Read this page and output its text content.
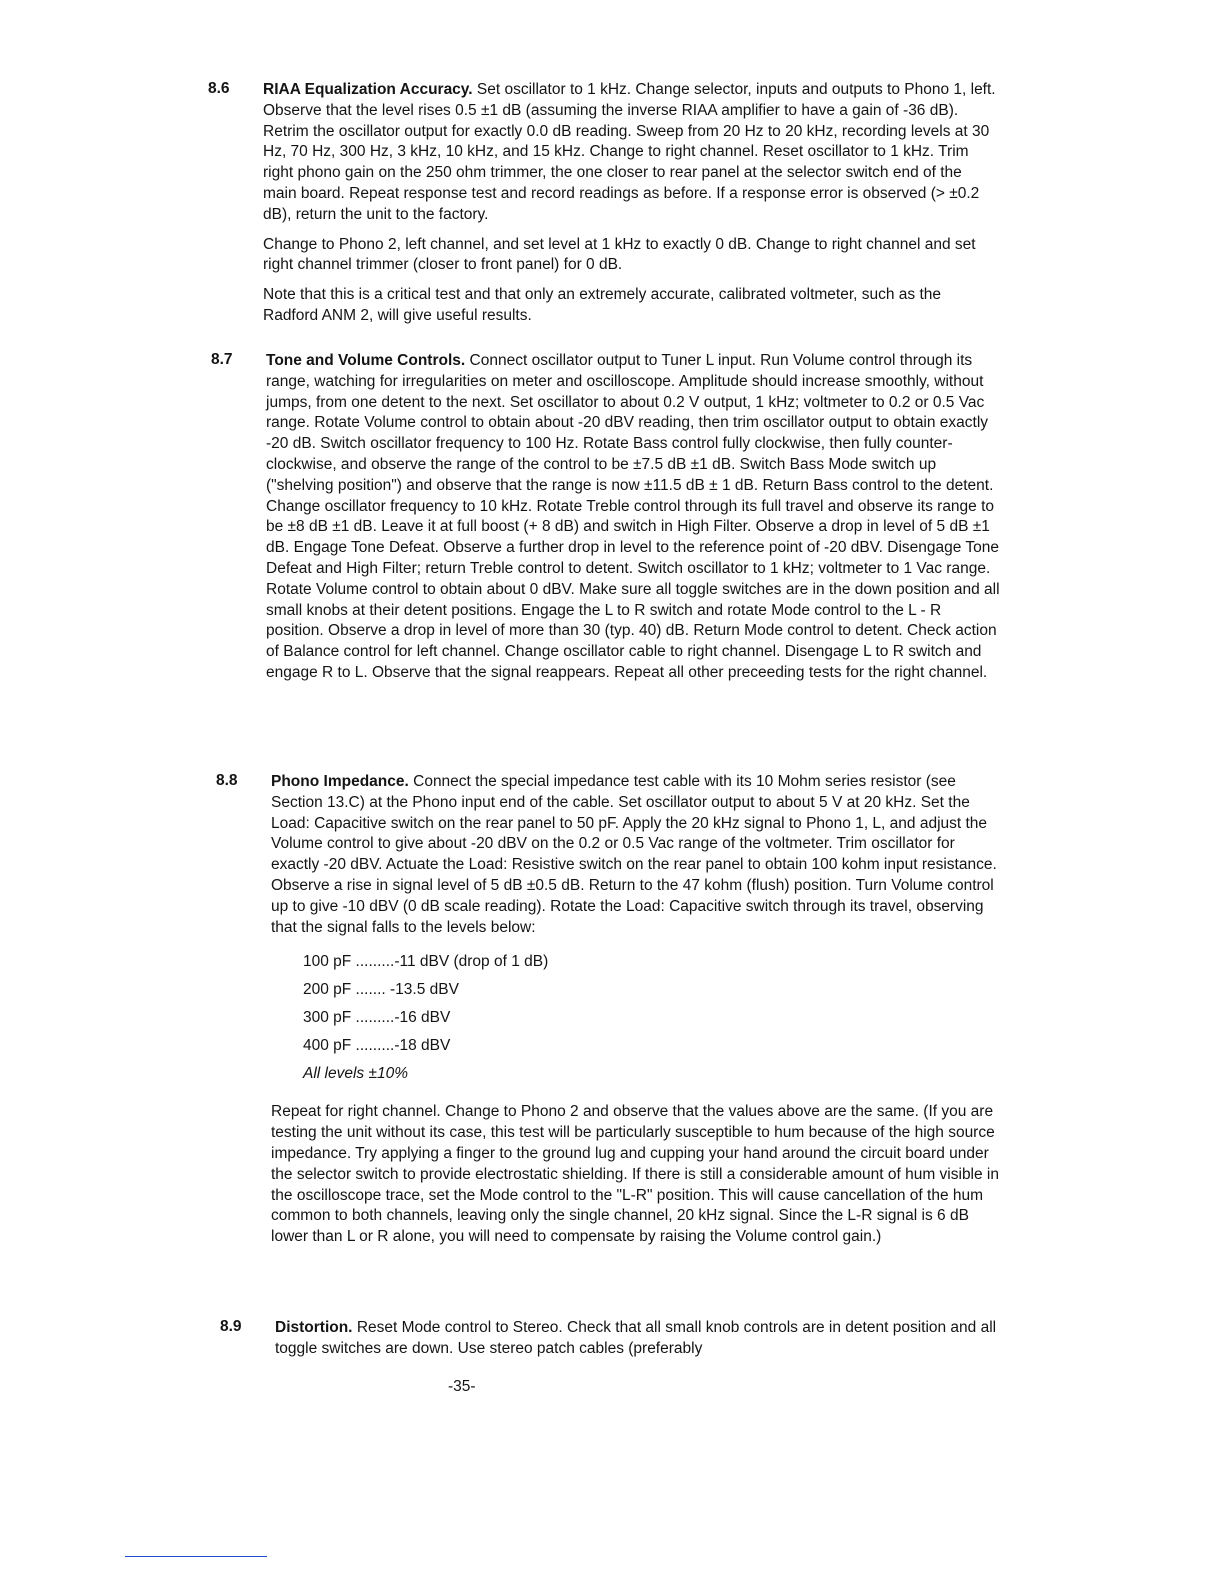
8.6 RIAA Equalization Accuracy. Set oscillator to 1 kHz. Change selector, inputs and outputs to Phono 1, left. Observe that the level rises 0.5 ±1 dB (assuming the inverse RIAA amplifier to have a gain of -36 dB). Retrim the oscillator output for exactly 0.0 dB reading. Sweep from 20 Hz to 20 kHz, recording levels at 30 Hz, 70 Hz, 300 Hz, 3 kHz, 10 kHz, and 15 kHz. Change to right channel. Reset oscillator to 1 kHz. Trim right phono gain on the 250 ohm trimmer, the one closer to rear panel at the selector switch end of the main board. Repeat response test and record readings as before. If a response error is observed (> ±0.2 dB), return the unit to the factory.

Change to Phono 2, left channel, and set level at 1 kHz to exactly 0 dB. Change to right channel and set right channel trimmer (closer to front panel) for 0 dB.

Note that this is a critical test and that only an extremely accurate, calibrated voltmeter, such as the Radford ANM 2, will give useful results.

8.7 Tone and Volume Controls. Connect oscillator output to Tuner L input. Run Volume control through its range, watching for irregularities on meter and oscilloscope. Amplitude should increase smoothly, without jumps, from one detent to the next. Set oscillator to about 0.2 V output, 1 kHz; voltmeter to 0.2 or 0.5 Vac range. Rotate Volume control to obtain about -20 dBV reading, then trim oscillator output to obtain exactly -20 dB. Switch oscillator frequency to 100 Hz. Rotate Bass control fully clockwise, then fully counter-clockwise, and observe the range of the control to be ±7.5 dB ±1 dB. Switch Bass Mode switch up ("shelving position") and observe that the range is now ±11.5 dB ± 1 dB. Return Bass control to the detent. Change oscillator frequency to 10 kHz. Rotate Treble control through its full travel and observe its range to be ±8 dB ±1 dB. Leave it at full boost (+ 8 dB) and switch in High Filter. Observe a drop in level of 5 dB ±1 dB. Engage Tone Defeat. Observe a further drop in level to the reference point of -20 dBV. Disengage Tone Defeat and High Filter; return Treble control to detent. Switch oscillator to 1 kHz; voltmeter to 1 Vac range. Rotate Volume control to obtain about 0 dBV. Make sure all toggle switches are in the down position and all small knobs at their detent positions. Engage the L to R switch and rotate Mode control to the L - R position. Observe a drop in level of more than 30 (typ. 40) dB. Return Mode control to detent. Check action of Balance control for left channel. Change oscillator cable to right channel. Disengage L to R switch and engage R to L. Observe that the signal reappears. Repeat all other preceeding tests for the right channel.

8.8 Phono Impedance. Connect the special impedance test cable with its 10 Mohm series resistor (see Section 13.C) at the Phono input end of the cable. Set oscillator output to about 5 V at 20 kHz. Set the Load: Capacitive switch on the rear panel to 50 pF. Apply the 20 kHz signal to Phono 1, L, and adjust the Volume control to give about -20 dBV on the 0.2 or 0.5 Vac range of the voltmeter. Trim oscillator for exactly -20 dBV. Actuate the Load: Resistive switch on the rear panel to obtain 100 kohm input resistance. Observe a rise in signal level of 5 dB ±0.5 dB. Return to the 47 kohm (flush) position. Turn Volume control up to give -10 dBV (0 dB scale reading). Rotate the Load: Capacitive switch through its travel, observing that the signal falls to the levels below:

100 pF .........-11 dBV (drop of 1 dB)
200 pF ....... -13.5 dBV
300 pF .........-16 dBV
400 pF .........-18 dBV
All levels ±10%

Repeat for right channel. Change to Phono 2 and observe that the values above are the same. (If you are testing the unit without its case, this test will be particularly susceptible to hum because of the high source impedance. Try applying a finger to the ground lug and cupping your hand around the circuit board under the selector switch to provide electrostatic shielding. If there is still a considerable amount of hum visible in the oscilloscope trace, set the Mode control to the "L-R" position. This will cause cancellation of the hum common to both channels, leaving only the single channel, 20 kHz signal. Since the L-R signal is 6 dB lower than L or R alone, you will need to compensate by raising the Volume control gain.)

8.9 Distortion. Reset Mode control to Stereo. Check that all small knob controls are in detent position and all toggle switches are down. Use stereo patch cables (preferably

-35-
